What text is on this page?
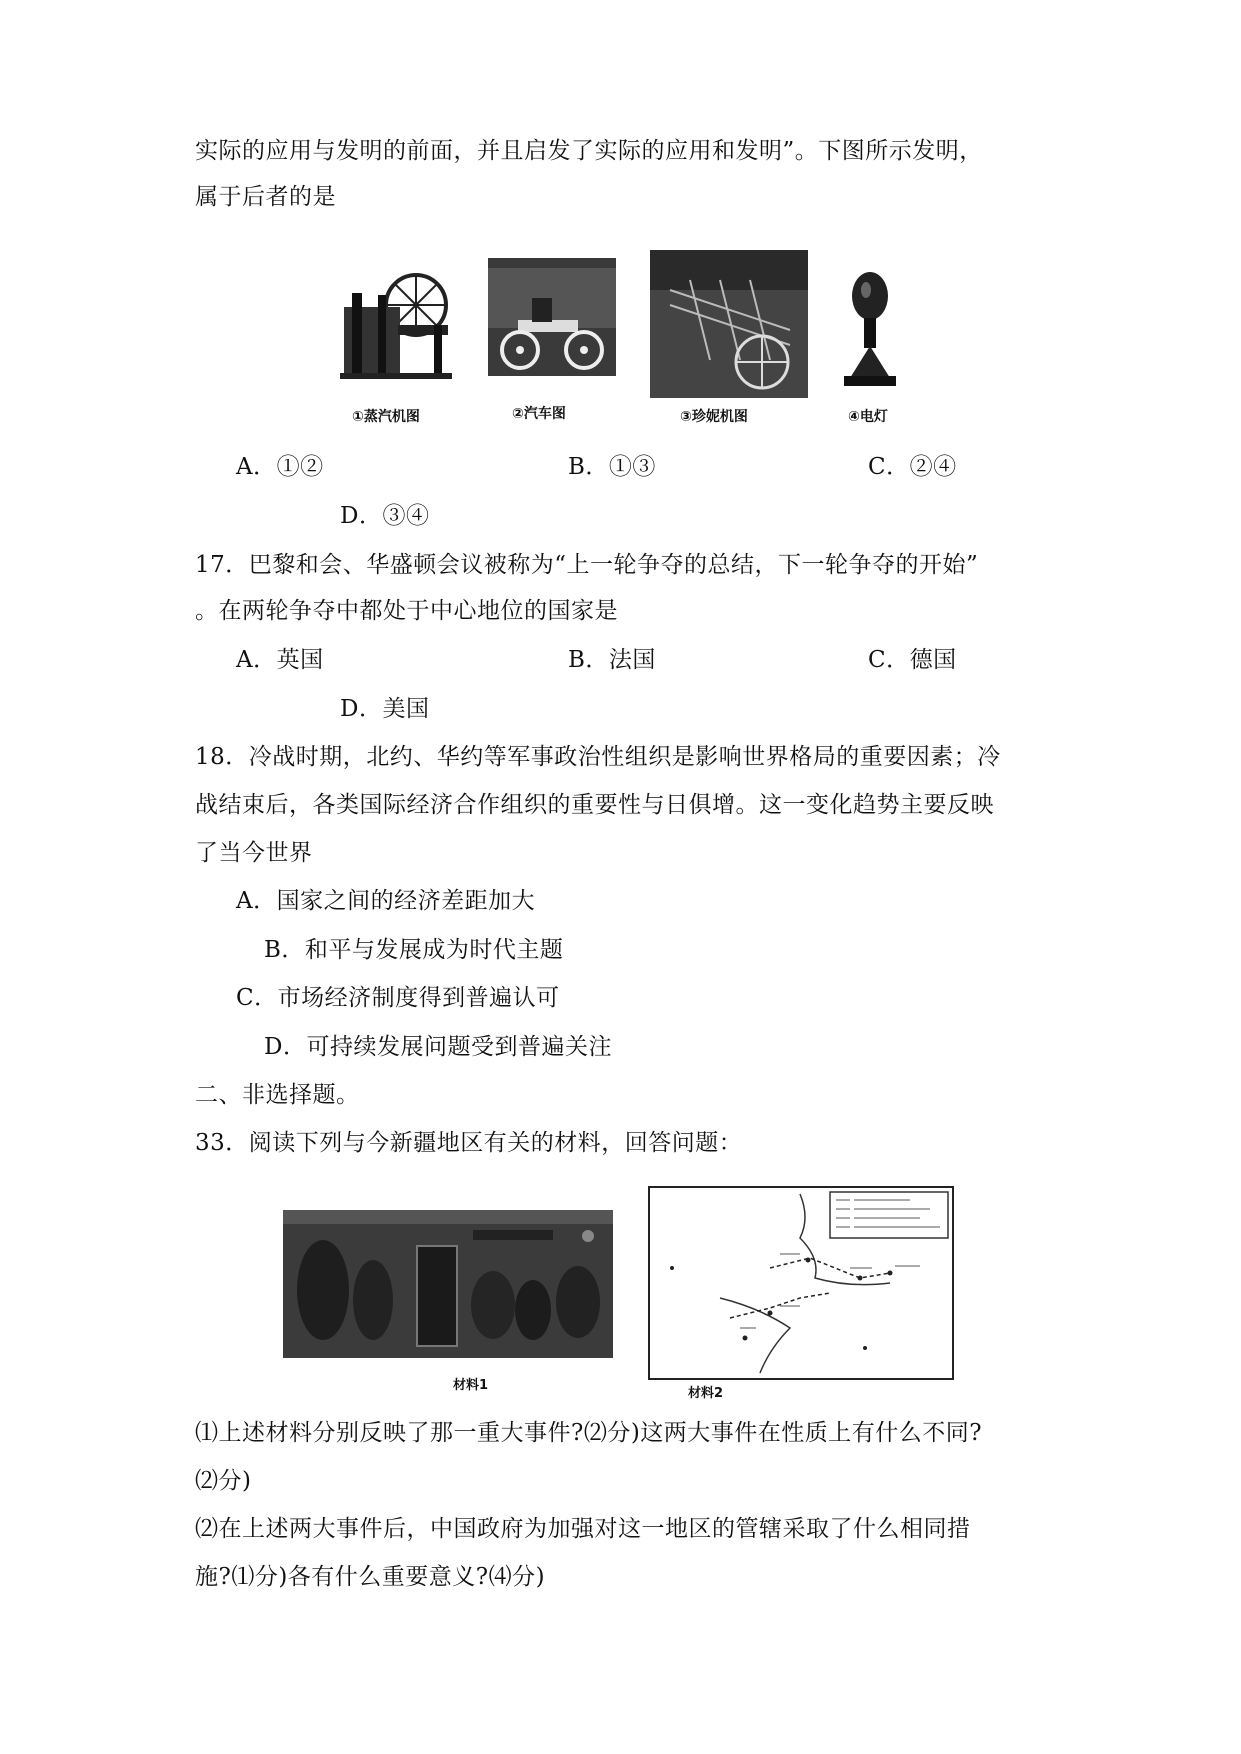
实际的应用与发明的前面，并且启发了实际的应用和发明”。下图所示发明，
属于后者的是
①蒸汽机图	②汽车图	③珍妮机图	④电灯
A．①②	B．①③	C．②④
D．③④
17．巴黎和会、华盛顿会议被称为“上一轮争夺的总结，下一轮争夺的开始”
。在两轮争夺中都处于中心地位的国家是
A．英国	B．法国	C．德国
D．美国
18．冷战时期，北约、华约等军事政治性组织是影响世界格局的重要因素；冷
战结束后，各类国际经济合作组织的重要性与日俱增。这一变化趋势主要反映
了当今世界
A．国家之间的经济差距加大
B．和平与发展成为时代主题
C．市场经济制度得到普遍认可
D．可持续发展问题受到普遍关注
二、非选择题。
33．阅读下列与今新疆地区有关的材料，回答问题：
材料1
材料2
⑴上述材料分别反映了那一重大事件?⑵分)这两大事件在性质上有什么不同?
⑵分)
⑵在上述两大事件后，中国政府为加强对这一地区的管辖采取了什么相同措
施?⑴分)各有什么重要意义?⑷分)
